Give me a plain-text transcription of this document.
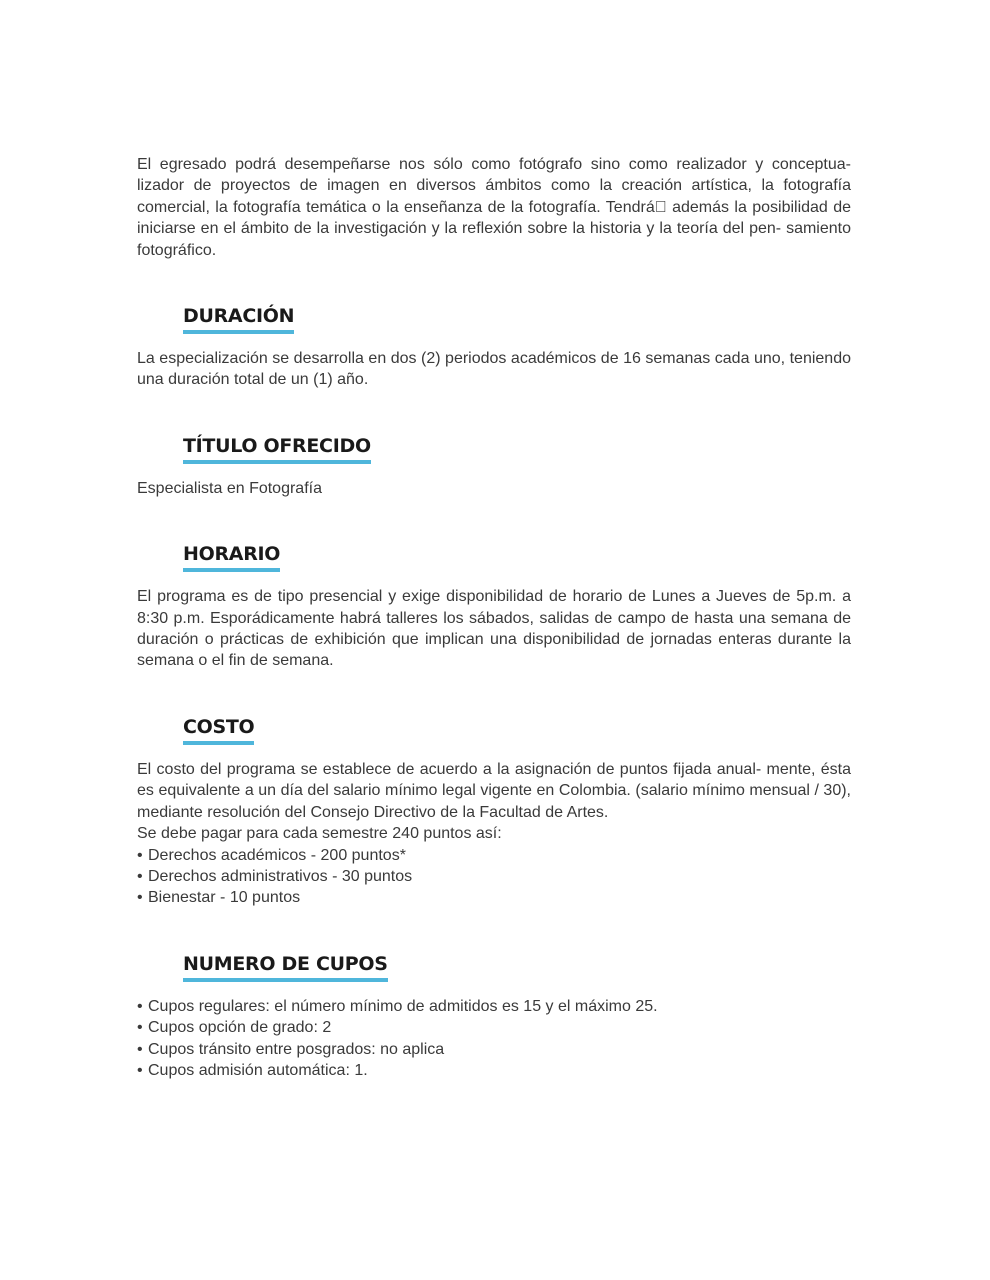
El egresado podrá desempeñarse nos sólo como fotógrafo sino como realizador y conceptua- lizador de proyectos de imagen en diversos ámbitos como la creación artística, la fotografía comercial, la fotografía temática o la enseñanza de la fotografía. Tendrá  además la posibilidad de iniciarse en el ámbito de la investigación y la reflexión sobre la historia y la teoría del pen- samiento fotográfico.

DURACIÓN

La especialización se desarrolla en dos (2) periodos académicos de 16 semanas cada uno, teniendo una duración total de un (1) año.

TÍTULO OFRECIDO

Especialista en Fotografía

HORARIO

El programa es de tipo presencial y exige disponibilidad de horario de Lunes a Jueves de 5p.m. a 8:30 p.m. Esporádicamente habrá talleres los sábados, salidas de campo de hasta una semana de duración o prácticas de exhibición que implican una disponibilidad de jornadas enteras durante la semana o el fin de semana.

COSTO

El costo del programa se establece de acuerdo a la asignación de puntos fijada anual- mente, ésta es equivalente a un día del salario mínimo legal vigente en Colombia. (salario mínimo mensual / 30), mediante resolución del Consejo Directivo de la Facultad de Artes.

Se debe pagar para cada semestre 240 puntos así:

• Derechos académicos - 200 puntos*
• Derechos administrativos - 30 puntos
• Bienestar - 10 puntos
NUMERO DE CUPOS
• Cupos regulares: el número mínimo de admitidos es 15 y el máximo 25.
• Cupos opción de grado: 2
• Cupos tránsito entre posgrados: no aplica
• Cupos admisión automática: 1.
